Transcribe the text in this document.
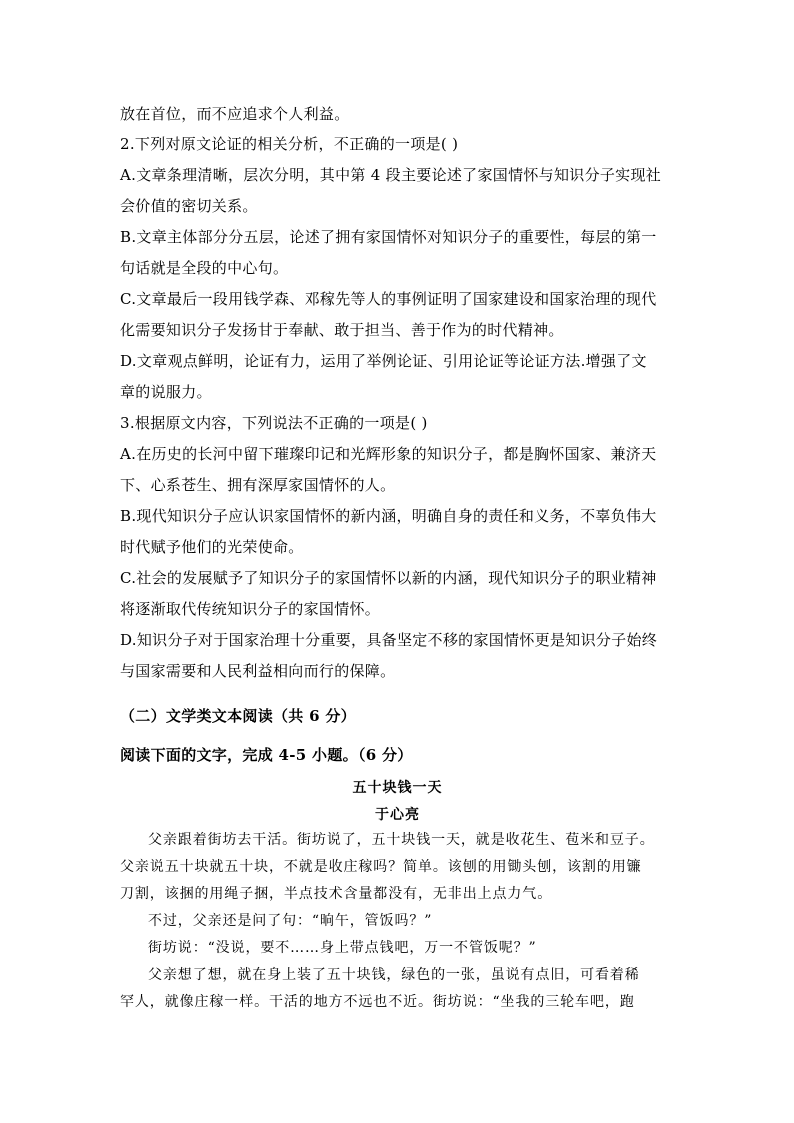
放在首位，而不应追求个人利益。
2.下列对原文论证的相关分析，不正确的一项是( )
A.文章条理清晰，层次分明，其中第 4 段主要论述了家国情怀与知识分子实现社
会价值的密切关系。
B.文章主体部分分五层，论述了拥有家国情怀对知识分子的重要性，每层的第一
句话就是全段的中心句。
C.文章最后一段用钱学森、邓稼先等人的事例证明了国家建设和国家治理的现代
化需要知识分子发扬甘于奉献、敢于担当、善于作为的时代精神。
D.文章观点鲜明，论证有力，运用了举例论证、引用论证等论证方法.增强了文
章的说服力。
3.根据原文内容，下列说法不正确的一项是( )
A.在历史的长河中留下璀璨印记和光辉形象的知识分子，都是胸怀国家、兼济天
下、心系苍生、拥有深厚家国情怀的人。
B.现代知识分子应认识家国情怀的新内涵，明确自身的责任和义务，不辜负伟大
时代赋予他们的光荣使命。
C.社会的发展赋予了知识分子的家国情怀以新的内涵，现代知识分子的职业精神
将逐渐取代传统知识分子的家国情怀。
D.知识分子对于国家治理十分重要，具备坚定不移的家国情怀更是知识分子始终
与国家需要和人民利益相向而行的保障。
（二）文学类文本阅读（共 6 分）
阅读下面的文字，完成 4-5 小题。（6 分）
五十块钱一天
于心亮
父亲跟着街坊去干活。街坊说了，五十块钱一天，就是收花生、苞米和豆子。
父亲说五十块就五十块，不就是收庄稼吗？简单。该刨的用锄头刨，该割的用镰
刀割，该捆的用绳子捆，半点技术含量都没有，无非出上点力气。
不过，父亲还是问了句：“晌午，管饭吗？”
街坊说：“没说，要不……身上带点钱吧，万一不管饭呢？”
父亲想了想，就在身上装了五十块钱，绿色的一张，虽说有点旧，可看着稀
罕人，就像庄稼一样。干活的地方不远也不近。街坊说：“坐我的三轮车吧，跑
